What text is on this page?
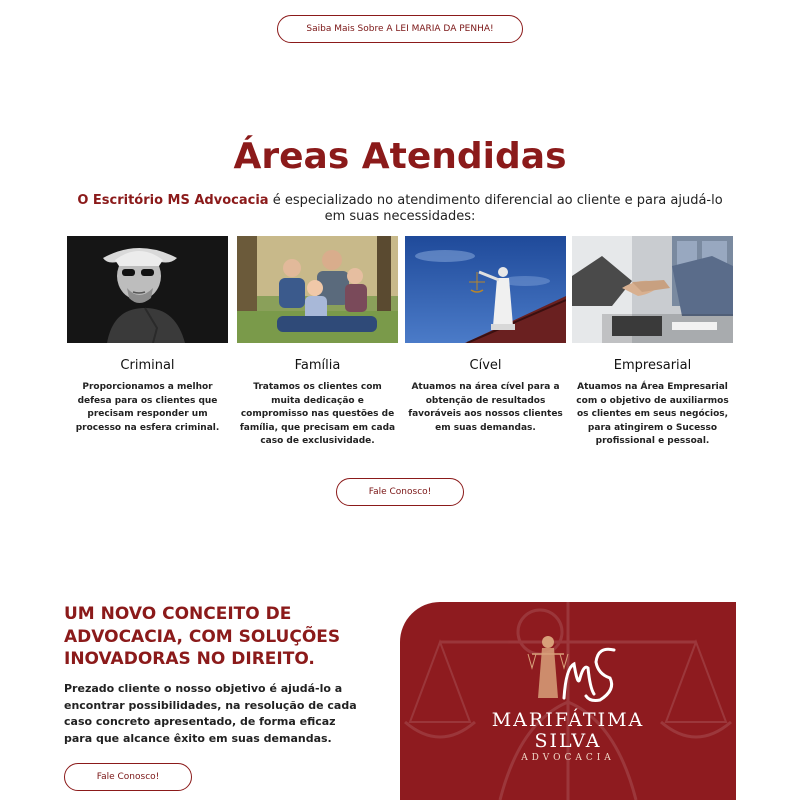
Saiba Mais Sobre A LEI MARIA DA PENHA!
Áreas Atendidas
O Escritório MS Advocacia é especializado no atendimento diferencial ao cliente e para ajudá-lo em suas necessidades:
Criminal

Proporcionamos a melhor defesa para os clientes que precisam responder um processo na esfera criminal.

Família

Tratamos os clientes com muita dedicação e compromisso nas questões de família, que precisam em cada caso de exclusividade.

Cível

Atuamos na área cível para a obtenção de resultados favoráveis aos nossos clientes em suas demandas.

Empresarial

Atuamos na Área Empresarial com o objetivo de auxiliarmos os clientes em seus negócios, para atingirem o Sucesso profissional e pessoal.

Fale Conosco!
UM NOVO CONCEITO DE ADVOCACIA, COM SOLUÇÕES INOVADORAS NO DIREITO.

Prezado cliente o nosso objetivo é ajudá-lo a encontrar possibilidades, na resolução de cada caso concreto apresentado, de forma eficaz para que alcance êxito em suas demandas.

Fale Conosco!
MARIFÁTIMA
SILVA
ADVOCACIA
